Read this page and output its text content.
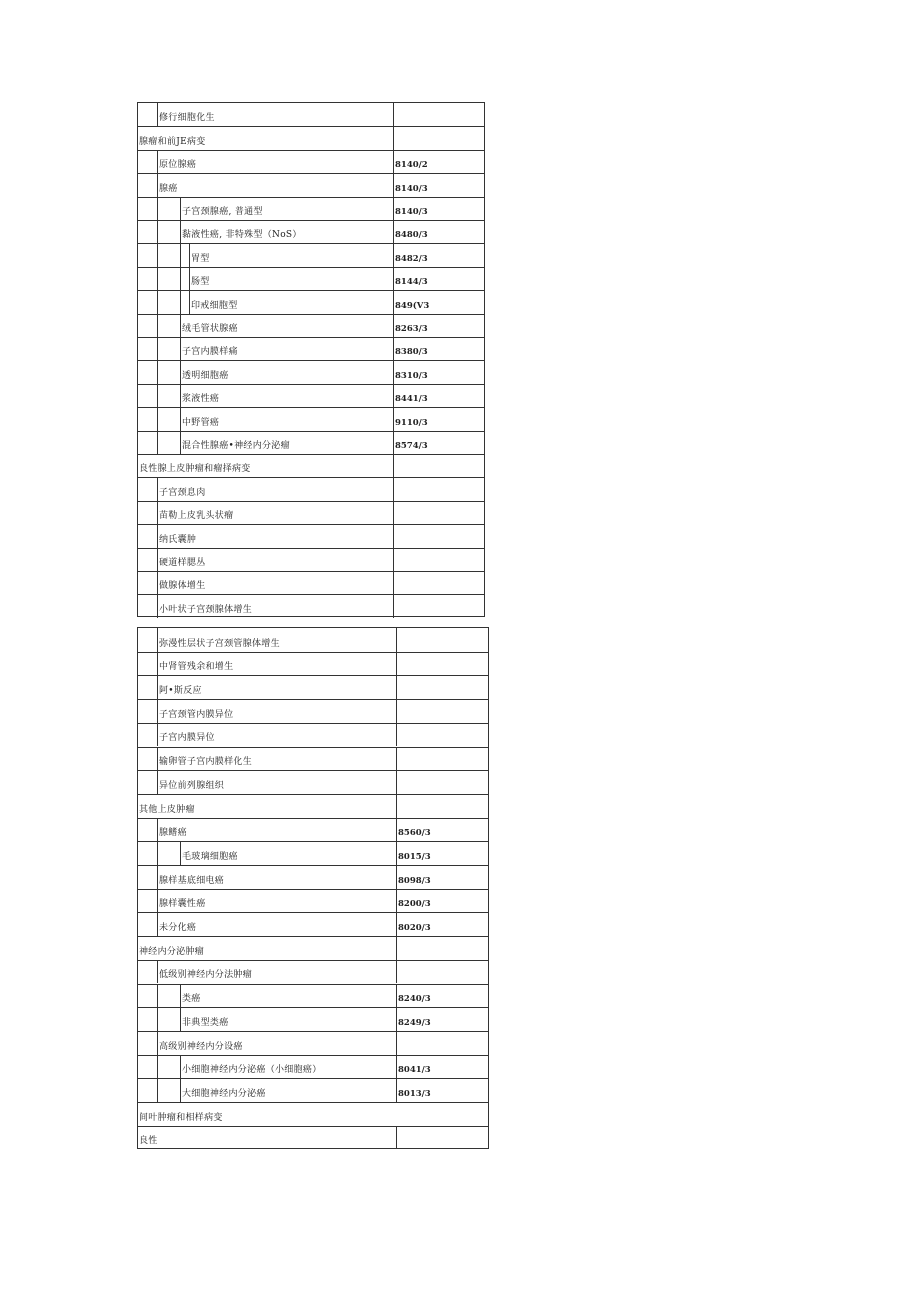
修行细胞化生
腺瘤和前JE病变
原位腺癌	8140/2
腺癌	8140/3
子宫颈腺癌, 普通型	8140/3
黏液性癌, 非特殊型（NoS）	8480/3
胃型	8482/3
肠型	8144/3
印戒细胞型	849(V3
绒毛管状腺癌	8263/3
子宫内膜样痛	8380/3
透明细胞癌	8310/3
浆液性癌	8441/3
中野管癌	9110/3
混合性腺癌•神经内分泌瘤	8574/3
良性腺上皮肿瘤和瘤择病变
子宫颈息肉
苗勒上皮乳头状瘤
纳氏囊肿
硬道样腮丛
做腺体增生
小叶状子宫颈腺体增生
弥漫性层状子宫颈管腺体增生
中肾管残余和增生
阿•斯反应
子宫颈管内膜异位
子宫内膜异位
输卵管子宫内膜样化生
异位前列腺组织
其他上皮肿瘤
腺鳍癌	8560/3
毛玻璃细胞癌	8015/3
腺样基底细电癌	8098/3
腺样囊性癌	8200/3
未分化癌	8020/3
神经内分泌肿瘤
低级别神经内分法肿瘤
类癌	8240/3
非典型类癌	8249/3
高级别神经内分设癌
小细胞神经内分泌癌（小细胞癌）	8041/3
大细胞神经内分泌癌	8013/3
间叶肿瘤和相样病变
良性
